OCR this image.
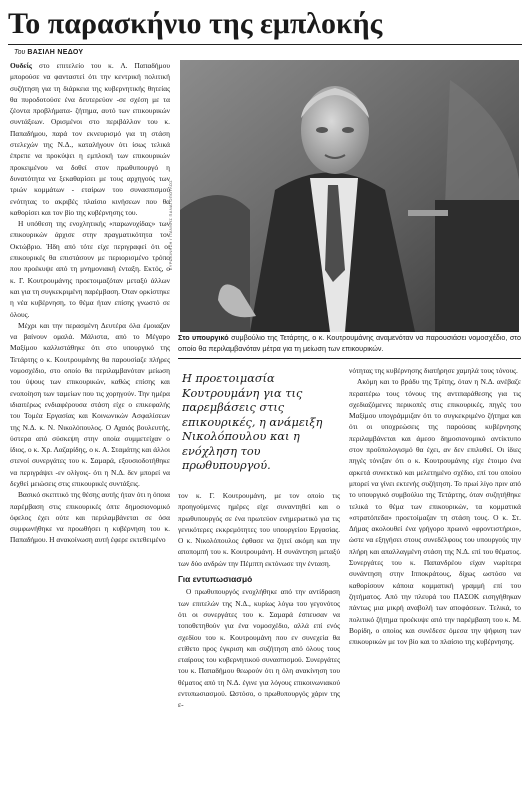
Το παρασκήνιο της εμπλοκής
Του ΒΑΣΙΛΗ ΝΕΔΟΥ

Ουδείς στο επιτελείο του κ. Λ. Παπαδήμου μπορούσε να φανταστεί ότι την κεντρική πολιτική συζήτηση για τη διάρκεια της κυβερνητικής θητείας θα πυροδοτούσε ένα δευτερεύον -σε σχέση με τα ζέοντα προβλήματα- ζήτημα, αυτό των επικουρικών συντάξεων. Ορισμένοι στο περιβάλλον του κ. Παπαδήμου, παρά τον εκνευρισμό για τη στάση στελεχών της Ν.Δ., καταλήγουν ότι ίσως τελικά έπρεπε να προκύψει η εμπλοκή των επικουρικών προκειμένου να δοθεί στον πρωθυπουργό η δυνατότητα να ξεκαθαρίσει με τους αρχηγούς των τριών κομμάτων - εταίρων του συνασπισμού ενότητας το ακριβές πλαίσιο κινήσεων που θα καθορίσει και τον βίο της κυβέρνησης του.

Η υπόθεση της ενοχλητικής «παρωνυχίδας» των επικουρικών άρχισε στην πραγματικότητα τον Οκτώβριο. Ήδη από τότε είχε περιγραφεί ότι οι επικουρικές θα επιστάσουν με περιορισμένο τρόπο που προέκυψε από τη μνημονιακή ένταξη. Εκτός, ο κ. Γ. Κουτρουμάνης προετοιμαζόταν μεταξύ άλλων και για τη συγκεκριμένη παρέμβαση. Όταν ορκίστηκε η νέα κυβέρνηση, το θέμα ήταν επίσης γνωστό σε όλους.

Μέχρι και την περασμένη Δευτέρα όλα έμοιαζαν να βαίνουν ομαλά. Μάλιστα, από το Μέγαρο Μαξίμου καλλιστάθηκε ότι στο υπουργικό της Τετάρτης ο κ. Κουτρουμάνης θα παρουσίαζε πλήρες νομοσχέδιο, στο οποίο θα περιλαμβανόταν μείωση του ύψους των επικουρικών, καθώς επίσης και ενοποίηση των ταμείων που τις χορηγούν. Την ημέρα ιδιαιτέρως ενδιαφέρουσα στάση είχε ο επικεφαλής του Τομέα Εργασίας και Κοινωνικών Ασφαλίσεων της Ν.Δ. κ. Ν. Νικολόπουλος. Ο Αχαιός βουλευτής, ύστερα από σύσκεψη στην οποία συμμετείχαν ο ίδιος, ο κ. Χρ. Λαζαρίδης, ο κ. Α. Σταμάτης και άλλοι στενοί συνεργάτες του κ. Σαμαρά, εξουσιοδοτήθηκε να περιγράψει -εν ολίγοις- ότι η Ν.Δ. δεν μπορεί να δεχθεί μειώσεις στις επικουρικές συντάξεις.

Βασικό σκεπτικό της θέσης αυτής ήταν ότι η όποια παρέμβαση στις επικουρικές όπτε δημοσιονομικό όφελος έχει ούτε και περιλαμβάνεται σε όσα συμφωνήθηκε να προωθήσει η κυβέρνηση του κ. Παπαδήμου. Η ανακοίνωση αυτή έφερε εκτεθειμένο

ΕΥΡΩΚΙΝΗΣΗ / ΓΙΑΝΝΗΣ ΠΑΝΑΓΟΠΟΥΛΟΣ
Στο υπουργικό συμβούλιο της Τετάρτης, ο κ. Κουτρουμάνης αναμενόταν να παρουσιάσει νομοσχέδιο, στο οποίο θα περιλαμβανόταν μέτρα για τη μείωση των επικουρικών.
Η προετοιμασία Κουτρουμάνη για τις παρεμβάσεις στις επικουρικές, η ανάμειξη Νικολόπουλου και η ενόχληση του πρωθυπουργού.

τον κ. Γ. Κουτρουμάνη, με τον οποίο τις προηγούμενες ημέρες είχε συναντηθεί και ο πρωθυπουργός σε ένα πρωτεύον ενημερωτικό για τις γενικότερες εκκρεμότητες του υπουργείου Εργασίας. Ο κ. Νικολόπουλος έφθασε να ζητεί ακόμη και την αποπομπή του κ. Κουτρουμάνη. Η συνάντηση μεταξύ των δύο ανδρών την Πέμπτη εκτόνωσε την ένταση.

Για εντυπωσιασμό

Ο πρωθυπουργός ενοχλήθηκε από την αντίδραση των επιτελών της Ν.Δ., κυρίως λόγω του γεγονότος ότι οι συνεργάτες του κ. Σαμαρά έσπευσαν να τοποθετηθούν για ένα νομοσχέδιο, αλλά επί ενός σχεδίου του κ. Κουτρουμάνη που εν συνεχεία θα ετίθετο προς έγκριση και συζήτηση από όλους τους εταίρους του κυβερνητικού συνασπισμού. Συνεργάτες του κ. Παπαδήμου θεωρούν ότι η όλη ανακίνηση του θέματος από τη Ν.Δ. έγινε για λόγους επικοινωνιακού εντυπωσιασμού. Ωστόσο, ο πρωθυπουργός χάριν της ε-

νότητας της κυβέρνησης διατήρησε χαμηλά τους τόνους.

Ακόμη και το βράδυ της Τρίτης, όταν η Ν.Δ. ανέβαζε περαιτέρω τους τόνους της αντιπαράθεσης για τις σχεδιαζόμενες περικοπές στις επικουρικές, πηγές του Μαξίμου υπογράμμιζαν ότι το συγκεκριμένο ζήτημα και ότι οι υποχρεώσεις της παρούσας κυβέρνησης περιλαμβάνεται και άμεσο δημοσιονομικό αντίκτυπο στον προϋπολογισμό θα έχει, αν δεν επιλυθεί. Οι ίδιες πηγές τόνιζαν ότι ο κ. Κουτρουμάνης είχε έτοιμο ένα αρκετά συνεκτικό και μελετημένο σχέδιο, επί του οποίου μπορεί να γίνει εκτενής συζήτηση. Το πρωί λίγο πριν από το υπουργικό συμβούλιο της Τετάρτης, όταν συζητήθηκε τελικά το θέμα των επικουρικών, τα κομματικά «στρατόπεδα» προετοίμαζαν τη στάση τους. Ο κ. Στ. Δήμας ακολουθεί ένα γρήγορο πρωινό «φροντιστήριο», ώστε να εξηγήσει στους συνεδέλφους του υπουργούς την πλήρη και απαλλαγμένη στάση της Ν.Δ. επί του θέματος. Συνεργάτες του κ. Παπανδρέου είχαν νωρίτερα συνάντηση στην Ιπποκράτους, δίχως ωστόσο να καθορίσουν κάποια κομματική γραμμή επί του ζητήματος. Από την πλευρά του ΠΑΣΟΚ εισηγήθηκαν πάντως μια μικρή αναβολή των αποφάσεων. Τελικά, το πολιτικό ζήτημα προέκυψε από την παρέμβαση του κ. Μ. Βορίδη, ο οποίος και συνέδεσε όμεσα την ψήφιση των επικουρικών με τον βίο και το πλαίσιο της κυβέρνησης.
